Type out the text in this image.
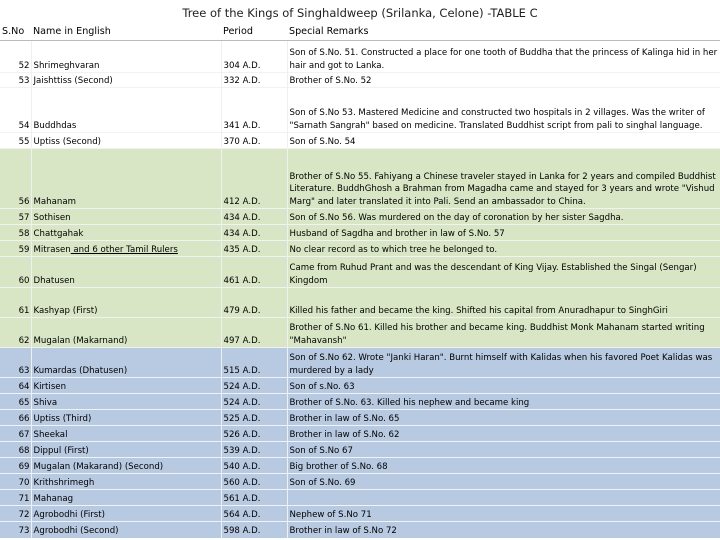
Tree of the Kings of Singhaldweep (Srilanka, Celone) -TABLE C
S.No	Name in English	Period	Special Remarks
52	Shrimeghvaran	304 A.D.	Son of S.No. 51. Constructed a place for one tooth of Buddha that the princess of Kalinga hid in her hair and got to Lanka.
53	Jaishttiss (Second)	332 A.D.	Brother of S.No. 52
54	Buddhdas	341 A.D.	Son of S.No 53. Mastered Medicine and constructed two hospitals in 2 villages. Was the writer of "Sarnath Sangrah" based on medicine. Translated Buddhist script from pali to singhal language.
55	Uptiss (Second)	370 A.D.	Son of S.No. 54
56	Mahanam	412 A.D.	Brother of S.No 55. Fahiyang a Chinese traveler stayed in Lanka for 2 years and compiled Buddhist Literature. BuddhGhosh a Brahman from Magadha came and stayed for 3 years and wrote "Vishud Marg" and later translated it into Pali. Send an ambassador to China.
57	Sothisen	434 A.D.	Son of S.No 56. Was murdered on the day of coronation by her sister Sagdha.
58	Chattgahak	434 A.D.	Husband of Sagdha and brother in law of S.No. 57
59	Mitrasen and 6 other Tamil Rulers	435 A.D.	No clear record as to which tree he belonged to.
60	Dhatusen	461 A.D.	Came from Ruhud Prant and was the descendant of King Vijay. Established the Singal (Sengar) Kingdom
61	Kashyap (First)	479 A.D.	Killed his father and became the king. Shifted his capital from Anuradhapur to SinghGiri
62	Mugalan (Makarnand)	497 A.D.	Brother of S.No 61. Killed his brother and became king. Buddhist Monk Mahanam started writing "Mahavansh"
63	Kumardas (Dhatusen)	515 A.D.	Son of S.No 62. Wrote "Janki Haran". Burnt himself with Kalidas when his favored Poet Kalidas was murdered by a lady
64	Kirtisen	524 A.D.	Son of s.No. 63
65	Shiva	524 A.D.	Brother of S.No. 63. Killed his nephew and became king
66	Uptiss (Third)	525 A.D.	Brother in law of S.No. 65
67	Sheekal	526 A.D.	Brother in law of S.No. 62
68	Dippul (First)	539 A.D.	Son of S.No 67
69	Mugalan (Makarand) (Second)	540 A.D.	Big brother of S.No. 68
70	Krithshrimegh	560 A.D.	Son of S.No. 69
71	Mahanag	561 A.D.	
72	Agrobodhi (First)	564 A.D.	Nephew of S.No 71
73	Agrobodhi (Second)	598 A.D.	Brother in law of S.No 72
